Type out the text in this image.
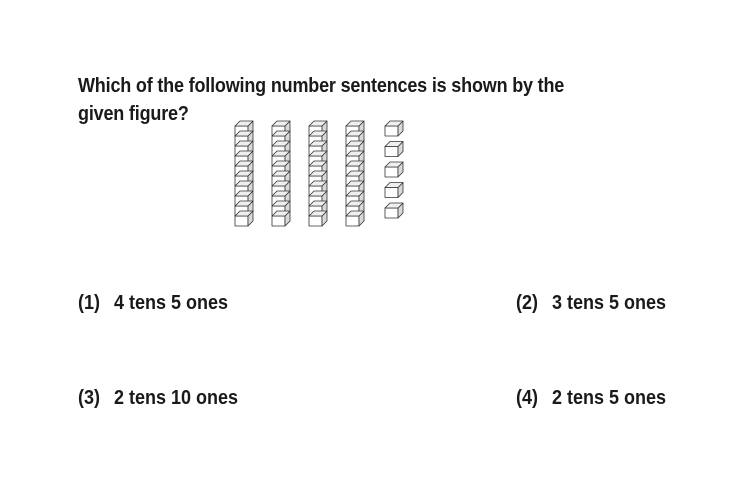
Which of the following number sentences is shown by the
given figure?
(1) 4 tens 5 ones	(2) 3 tens 5 ones
(3) 2 tens 10 ones	(4) 2 tens 5 ones
